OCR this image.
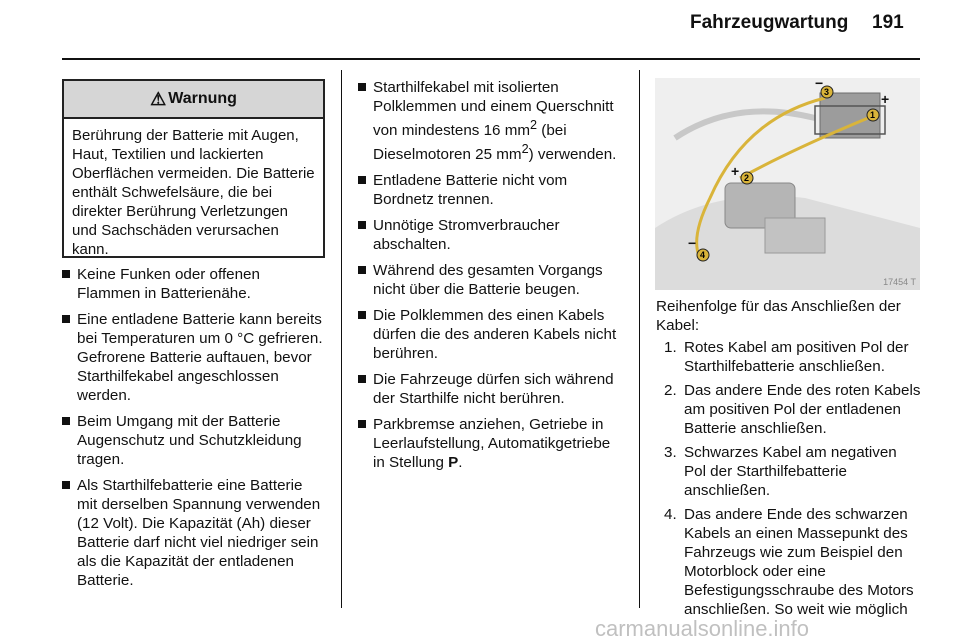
Fahrzeugwartung 191
⚠ Warnung
Berührung der Batterie mit Augen, Haut, Textilien und lackierten Oberflächen vermeiden. Die Batterie enthält Schwefelsäure, die bei direkter Berührung Verletzungen und Sachschäden verursachen kann.
Keine Funken oder offenen Flammen in Batterienähe.
Eine entladene Batterie kann bereits bei Temperaturen um 0 °C gefrieren. Gefrorene Batterie auftauen, bevor Starthilfekabel angeschlossen werden.
Beim Umgang mit der Batterie Augenschutz und Schutzkleidung tragen.
Als Starthilfebatterie eine Batterie mit derselben Spannung verwenden (12 Volt). Die Kapazität (Ah) dieser Batterie darf nicht viel niedriger sein als die Kapazität der entladenen Batterie.
Starthilfekabel mit isolierten Polklemmen und einem Querschnitt von mindestens 16 $mm^2$ (bei Dieselmotoren 25 $mm^2$) verwenden.
Entladene Batterie nicht vom Bordnetz trennen.
Unnötige Stromverbraucher abschalten.
Während des gesamten Vorgangs nicht über die Batterie beugen.
Die Polklemmen des einen Kabels dürfen die des anderen Kabels nicht berühren.
Die Fahrzeuge dürfen sich während der Starthilfe nicht berühren.
Parkbremse anziehen, Getriebe in Leerlaufstellung, Automatikgetriebe in Stellung P.
1
2
3
4
−
+
+
−
17454 T
Reihenfolge für das Anschließen der Kabel:
1. Rotes Kabel am positiven Pol der Starthilfebatterie anschließen.
2. Das andere Ende des roten Kabels am positiven Pol der entladenen Batterie anschließen.
3. Schwarzes Kabel am negativen Pol der Starthilfebatterie anschließen.
4. Das andere Ende des schwarzen Kabels an einen Massepunkt des Fahrzeugs wie zum Beispiel den Motorblock oder eine Befestigungsschraube des Motors anschließen. So weit wie möglich
carmanualsonline.info
